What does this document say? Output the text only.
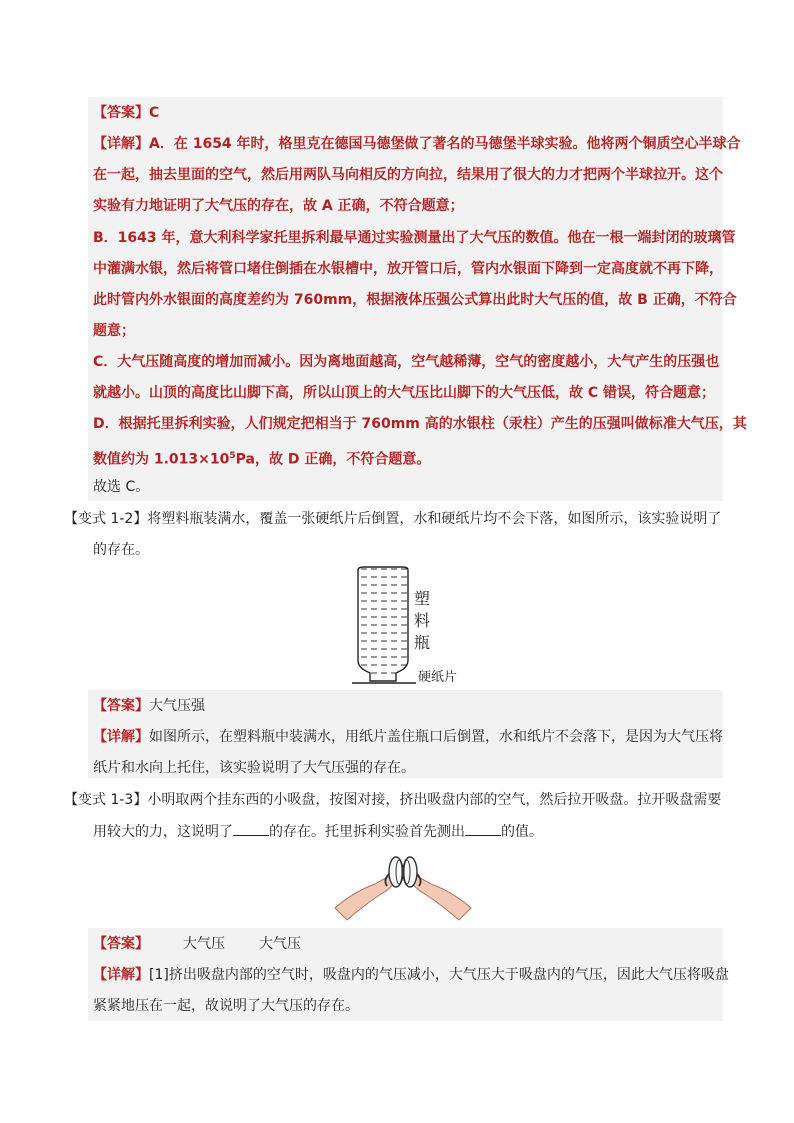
【答案】C
【详解】A．在 1654 年时，格里克在德国马德堡做了著名的马德堡半球实验。他将两个铜质空心半球合
在一起，抽去里面的空气，然后用两队马向相反的方向拉，结果用了很大的力才把两个半球拉开。这个
实验有力地证明了大气压的存在，故 A 正确，不符合题意；
B．1643 年，意大利科学家托里拆利最早通过实验测量出了大气压的数值。他在一根一端封闭的玻璃管
中灌满水银，然后将管口堵住倒插在水银槽中，放开管口后，管内水银面下降到一定高度就不再下降，
此时管内外水银面的高度差约为 760mm，根据液体压强公式算出此时大气压的值，故 B 正确，不符合
题意；
C．大气压随高度的增加而减小。因为离地面越高，空气越稀薄，空气的密度越小，大气产生的压强也
就越小。山顶的高度比山脚下高，所以山顶上的大气压比山脚下的大气压低，故 C 错误，符合题意；
D．根据托里拆利实验，人们规定把相当于 760mm 高的水银柱（汞柱）产生的压强叫做标准大气压，其
数值约为 $1.013\times 10^5Pa$，故 D 正确，不符合题意。
故选 C。
【变式 1-2】将塑料瓶装满水，覆盖一张硬纸片后倒置，水和硬纸片均不会下落，如图所示，该实验说明了
的存在。
塑料瓶
硬纸片
【答案】大气压强
【详解】如图所示，在塑料瓶中装满水，用纸片盖住瓶口后倒置，水和纸片不会落下，是因为大气压将
纸片和水向上托住，该实验说明了大气压强的存在。
【变式 1-3】小明取两个挂东西的小吸盘，按图对接，挤出吸盘内部的空气，然后拉开吸盘。拉开吸盘需要
用较大的力，这说明了	的存在。托里拆利实验首先测出	的值。
【答案】 大气压 大气压
【详解】[1]挤出吸盘内部的空气时，吸盘内的气压减小，大气压大于吸盘内的气压，因此大气压将吸盘
紧紧地压在一起，故说明了大气压的存在。
